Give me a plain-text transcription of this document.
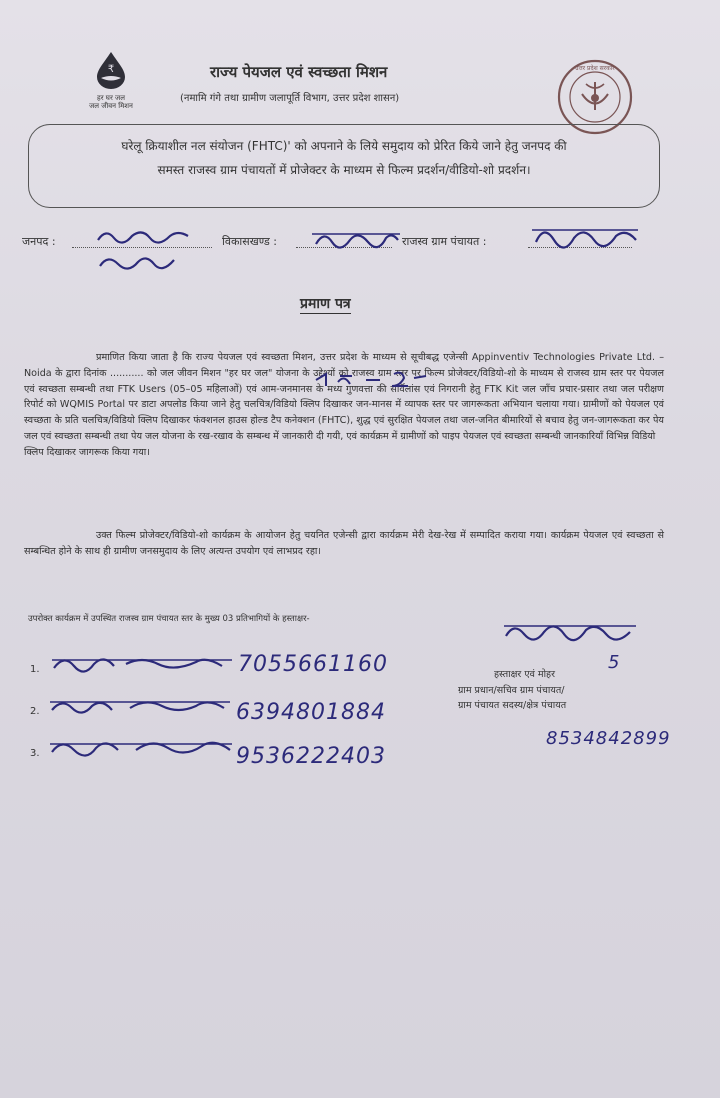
₹
हर घर जल
जल जीवन मिशन
राज्य पेयजल एवं स्वच्छता मिशन
(नमामि गंगे तथा ग्रामीण जलापूर्ति विभाग, उत्तर प्रदेश शासन)
उत्तर प्रदेश सरकार
घरेलू क्रियाशील नल संयोजन (FHTC)' को अपनाने के लिये समुदाय को प्रेरित किये जाने हेतु जनपद की
समस्त राजस्व ग्राम पंचायतों में प्रोजेक्टर के माध्यम से फिल्म प्रदर्शन/वीडियो-शो प्रदर्शन।
जनपद :	विकासखण्ड :	राजस्व ग्राम पंचायत :
प्रमाण पत्र

प्रमाणित किया जाता है कि राज्य पेयजल एवं स्वच्छता मिशन, उत्तर प्रदेश के माध्यम से सूचीबद्ध एजेन्सी Appinventiv Technologies Private Ltd. – Noida के द्वारा दिनांक ........... को जल जीवन मिशन "हर घर जल" योजना के उद्देश्यों को राजस्व ग्राम स्तर पर फिल्म प्रोजेक्टर/विडियो-शो के माध्यम से राजस्व ग्राम स्तर पर पेयजल एवं स्वच्छता सम्बन्धी तथा FTK Users (05–05 महिलाओं) एवं आम-जनमानस के मध्य गुणवत्ता की सर्विलांस एवं निगरानी हेतु FTK Kit जल जाँच प्रचार-प्रसार तथा जल परीक्षण रिपोर्ट को WQMIS Portal पर डाटा अपलोड किया जाने हेतु चलचित्र/विडियो क्लिप दिखाकर जन-मानस में व्यापक स्तर पर जागरूकता अभियान चलाया गया। ग्रामीणों को पेयजल एवं स्वच्छता के प्रति चलचित्र/विडियो क्लिप दिखाकर फंक्शनल हाउस होल्ड टैप कनेक्शन (FHTC), शुद्ध एवं सुरक्षित पेयजल तथा जल-जनित बीमारियों से बचाव हेतु जन-जागरूकता कर पेय जल एवं स्वच्छता सम्बन्धी तथा पेय जल योजना के रख-रखाव के सम्बन्ध में जानकारी दी गयी, एवं कार्यक्रम में ग्रामीणों को पाइप पेयजल एवं स्वच्छता सम्बन्धी जानकारियॉं विभिन्न विडियो

क्लिप दिखाकर जागरूक किया गया।

उक्त फिल्म प्रोजेक्टर/विडियो-शो कार्यक्रम के आयोजन हेतु चयनित एजेन्सी द्वारा कार्यक्रम मेरी देख-रेख में सम्पादित कराया गया। कार्यक्रम पेयजल एवं स्वच्छता से सम्बन्धित होने के साथ ही ग्रामीण जनसमुदाय के लिए अत्यन्त उपयोग एवं लाभप्रद रहा।

उपरोक्त कार्यक्रम में उपस्थित राजस्व ग्राम पंचायत स्तर के मुख्य 03 प्रतिभागियों के हस्ताक्षर-
1.	7055661160
2.	6394801884
3.	9536222403
5
हस्ताक्षर एवं मोहर
ग्राम प्रधान/सचिव ग्राम पंचायत/
ग्राम पंचायत सदस्य/क्षेत्र पंचायत
8534842899
